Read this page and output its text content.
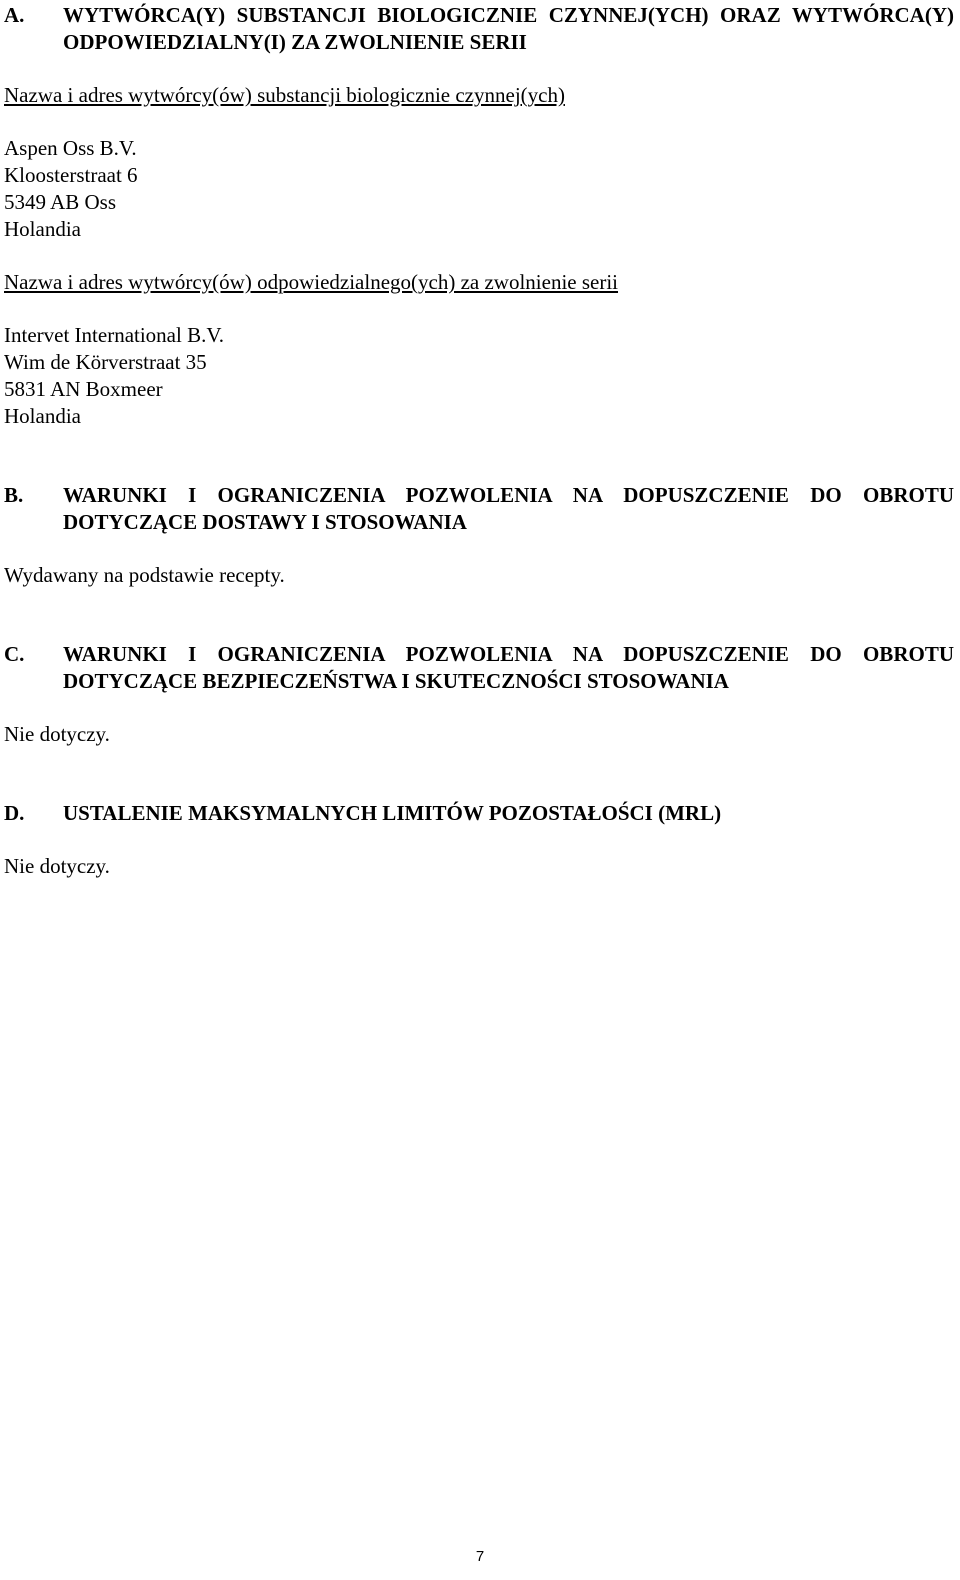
A.	WYTWÓRCA(Y) SUBSTANCJI BIOLOGICZNIE CZYNNEJ(YCH) ORAZ WYTWÓRCA(Y) ODPOWIEDZIALNY(I) ZA ZWOLNIENIE SERII

Nazwa i adres wytwórcy(ów) substancji biologicznie czynnej(ych)

Aspen Oss B.V.
Kloosterstraat 6
5349 AB Oss
Holandia

Nazwa i adres wytwórcy(ów) odpowiedzialnego(ych) za zwolnienie serii

Intervet International B.V.
Wim de Körverstraat 35
5831 AN Boxmeer
Holandia
B.	WARUNKI I OGRANICZENIA POZWOLENIA NA DOPUSZCZENIE DO OBROTU DOTYCZĄCE DOSTAWY I STOSOWANIA

Wydawany na podstawie recepty.

C.	WARUNKI I OGRANICZENIA POZWOLENIA NA DOPUSZCZENIE DO OBROTU DOTYCZĄCE BEZPIECZEŃSTWA I SKUTECZNOŚCI STOSOWANIA

Nie dotyczy.

D.	USTALENIE MAKSYMALNYCH LIMITÓW POZOSTAŁOŚCI (MRL)

Nie dotyczy.

7
